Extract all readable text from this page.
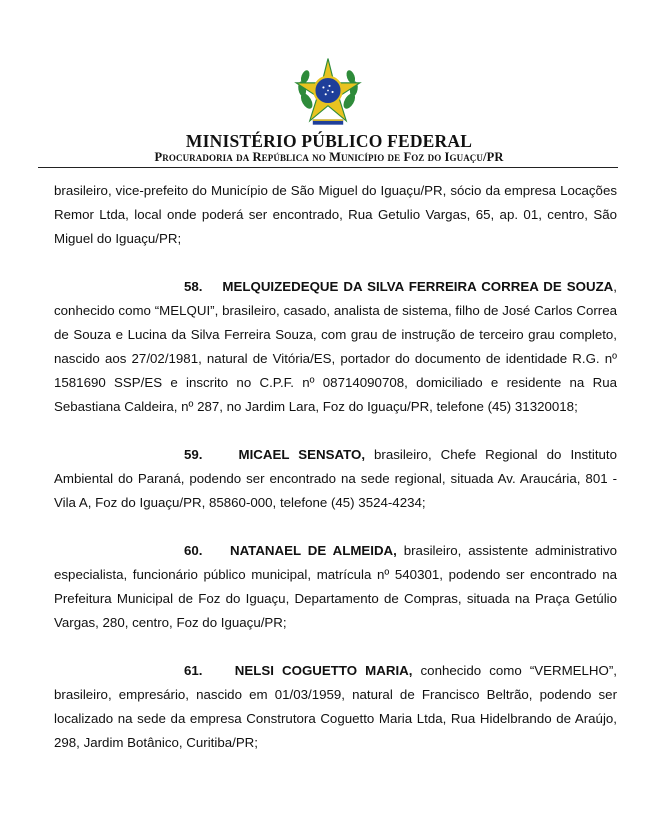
MINISTÉRIO PÚBLICO FEDERAL
Procuradoria da República no Município de Foz do Iguaçu/PR

brasileiro, vice-prefeito do Município de São Miguel do Iguaçu/PR, sócio da empresa Locações Remor Ltda, local onde poderá ser encontrado, Rua Getulio Vargas, 65, ap. 01, centro, São Miguel do Iguaçu/PR;

58. MELQUIZEDEQUE DA SILVA FERREIRA CORREA DE SOUZA, conhecido como “MELQUI”, brasileiro, casado, analista de sistema, filho de José Carlos Correa de Souza e Lucina da Silva Ferreira Souza, com grau de instrução de terceiro grau completo, nascido aos 27/02/1981, natural de Vitória/ES, portador do documento de identidade R.G. nº 1581690 SSP/ES e inscrito no C.P.F. nº 08714090708, domiciliado e residente na Rua Sebastiana Caldeira, nº 287, no Jardim Lara, Foz do Iguaçu/PR, telefone (45) 31320018;

59.	MICAEL SENSATO, brasileiro, Chefe Regional do Instituto Ambiental do Paraná, podendo ser encontrado na sede regional, situada Av. Araucária, 801 - Vila A, Foz do Iguaçu/PR, 85860-000, telefone (45) 3524-4234;

60. NATANAEL DE ALMEIDA, brasileiro, assistente administrativo especialista, funcionário público municipal, matrícula nº 540301, podendo ser encontrado na Prefeitura Municipal de Foz do Iguaçu, Departamento de Compras, situada na Praça Getúlio Vargas, 280, centro, Foz do Iguaçu/PR;

61. NELSI COGUETTO MARIA, conhecido como “VERMELHO”, brasileiro, empresário, nascido em 01/03/1959, natural de Francisco Beltrão, podendo ser localizado na sede da empresa Construtora Coguetto Maria Ltda, Rua Hidelbrando de Araújo, 298, Jardim Botânico, Curitiba/PR;
